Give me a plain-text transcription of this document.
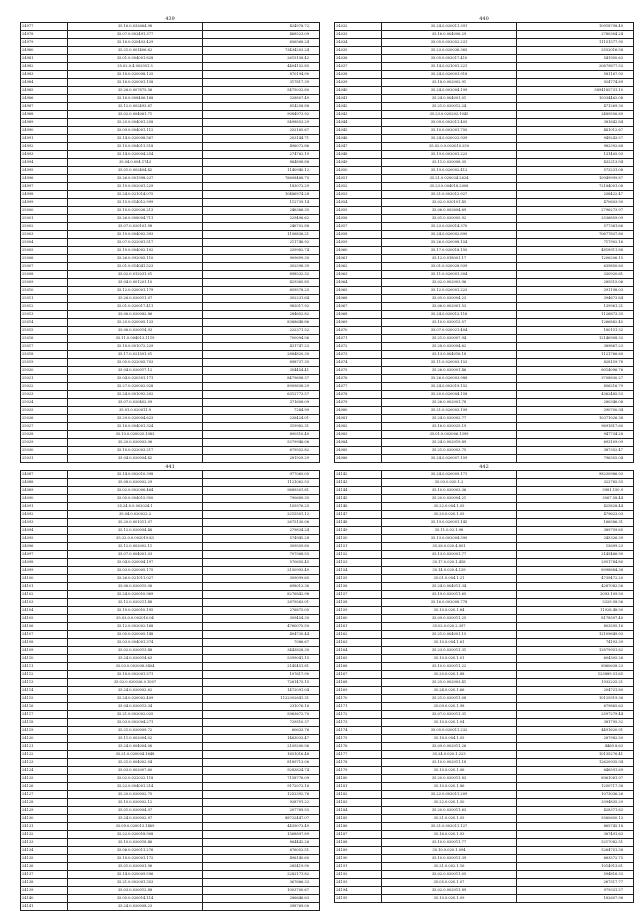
439
24977	35.16.0.032664.98	424978.72
24978	35.07.0.002491.377	468523.09
24979	35.16.0.020403.429	656568.24
24980	35.21.0.001406.62	73434203.24
24981	35.01.0.004001.828	2615158.42
24982	35.02.0.4.002951.3	4404152.85
24983	35.18.0.020008.125	870194.90
24984	35.16.0.020001.158	317817.39
24985	35.26.0.007875.56	5475032.80
24986	35.16.0.008406.168	328807.49
24987	35.12.0.002493.87	814258.88
24988	35.02.0.004061.71	9084973.92
24989	35.25.0.004001.258	5498853.29
24990	35.09.0.004001.112	252165.67
24991	35.14.0.020008.567	203144.71
24992	35.10.0.004011.518	496072.86
24993	35.14.0.020004.254	274762.19
24994	35.04.0.004.1743	884898.88
24995	35.01.0.002404.42	1140940.12
24996	35.26.0.001998.227	78608468.75
24997	35.19.0.002001.229	183072.29
24998	35.24.0.021014.075	10486974.28
24999	35.15.0.014012.999	112739.14
25000	35.10.0.020026.213	246366.35
25001	35.26.0.008004.711	229496.62
25002	35.07.0.020101.98	246702.88
25003	35.19.0.004002.393	1156836.21
25004	35.07.0.022001.517	211746.92
25005	35.19.0.004002.102	259982.74
25006	35.26.0.092005.110	909699.30
25007	35.01.0.014041.523	302598.39
25008	35.02.0.012031.01	898532.32
25009	35.04.0.001201.10	429365.85
25010	35.12.0.020001.179	659578.25
25011	35.26.0.020011.07	302231.64
25012	35.01.0.020017.411	983017.92
25013	35.06.0.020082.86	284652.82
25014	35.25.0.020005.133	8368648.86
25015	35.06.0.020014.93	222371.52
25016	35.11.0.004013.1119	700094.56
25017	35.18.0.001072.229	431747.23
25018	35.17.0.021501.01	2884820.30
25019	35.05.0.022005.703	898737.35
25020	35.04.0.020017.12	354454.41
25021	35.04.0.020301.171	8479696.37
25022	35.27.0.020002.928	8909838.29
25023	35.24.0.001092.202	6312773.57
25024	35.07.0.020402.09	371608.09
25025	35.01.0.020011.9	7284.99
25026	35.29.0.020004.623	226424.01
25027	35.16.0.004001.324	319982.31
25028	35.10.0.020025.1083	890510.40
25029	35.20.0.020003.06	5379946.06
25030	35.10.0.022003.217	679552.82
25031	35.04.0.020004.42	281929.29
440
24032	35.24.0.020011.391	10918798.49
24033	35.16.0.004006.29	2780304.24
24034	35.05.0.002052.231	11151577.95
24035	35.23.0.020036.365	2552016.58
24036	35.05.0.002017.410	541950.63
24037	35.14.0.021001.221	20879877.53
24038	35.24.0.020001.918	581167.93
24039	35.18.0.002002.91	924774.89
24040	35.24.0.002004.199	5894185731.10
24041	35.24.0.004001.01	10334462.08
24042	35.21.0.020012.24	471269.30
24043	35.23.0.020202.1045	2489556.89
24044	35.09.0.002011.405	381642.84
24045	35.10.0.002001.750	481012.67
24046	35.24.0.020022.939	949243.57
24047	35.02.0.0.002010.250	982392.68
24048	35.19.0.002001.223	131405.93
24049	35.11.0.020008.35	432213.94
24050	35.19.0.020002.412	573231.08
24051	35.21.0.020024.2624	10949999.87
24052	35.23.0.004018.2008	72184001.08
24053	35.21.0.002012.927	258422.47
24054	35.02.0.020101.45	470603.90
24055	35.06.0.002604.69	2796273.97
24056	35.01.0.020005.92	2536859.09
24057	35.23.0.020014.370	577361.66
24058	35.24.0.020002.890	70677837.80
24059	35.26.0.020008.154	717902.16
24060	35.17.0.020018.150	4818911.88
24061	35.12.0.018001.17	1206206.15
24062	35.01.0.020028.939	639850.60
24063	35.11.0.020001.304	330920.61
24064	35.02.0.002003.96	285515.06
24065	35.12.0.020001.223	291198.03
24066	35.05.0.020004.23	394673.84
24067	35.06.0.002001.53	139961.21
24068	35.24.0.020012.116	1126873.35
24069	35.10.0.020013.57	1266882.45
24070	35.07.0.020021.404	180151.32
24071	35.21.0.020007.94	12146908.33
24072	35.28.0.020004.62	389867.23
24073	35.13.0.004016.18	1121766.60
24074	35.11.0.020003.153	828159.78
24075	35.26.0.020001.46	6014096.76
24076	35.26.0.020003.988	3708830.27
24077	35.24.0.002019.152	856216.79
24078	35.20.0.020004.158	4362485.53
24079	35.26.0.002001.78	280346.08
24080	35.21.0.020003.199	290700.94
24081	35.24.0.020002.77	10371026.38
24082	35.16.0.020025.19	9691817.60
24083	35.01.0.002006.1399	947734.28
24084	35.24.0.002019.89	693109.09
24085	35.21.0.020003.75	387352.47
24086	35.24.0.020007.159	796355.04
441
24087	35.14.0.002010.398	977065.05
24088	35.08.0.020002.29	1121062.53
24089	35.02.0.002006.464	9689301.81
24090	35.05.0.004015.950	790689.35
24091	35.24.0.0.002024.1	105976.25
24092	35.04.0.020022.2	2215501.12
24093	35.20.0.001011.07	2675130.06
24094	35.12.0.020054.46	279834.24
24095	35.22.0.0.002019.83	574945.28
24096	35.12.0.002002.11	309559.80
24097	35.07.0.004001.03	707568.55
24098	35.04.0.020004.197	570655.45
24099	35.03.0.020005.175	2150993.49
24100	35.26.0.021011.027	309099.65
24101	35.06.0.020015.06	698012.36
24102	35.24.0.020010.969	8276842.98
24103	35.12.0.020211.48	2879563.01
24104	35.19.0.020010.195	276875.05
24105	35.03.0.0.002010.04	309454.30
24106	35.12.0.002002.168	4760075.50
24107	35.05.0.020005.148	404730.44
24108	35.03.0.004001.374	7086.67
24109	35.02.0.020013.48	3443828.30
24110	35.24.0.020014.63	5399041.15
24111	35.03.0.002008.3404	2145451.81
24112	35.18.0.002001.571	107617.90
24113	35.02.0.020026.0.1007	7261475.15
24114	35.24.0.020002.62	1472091.04
24115	35.24.0.020002.409	1122302641.31
24116	35.04.0.020013.34	231076.16
24117	35.21.0.002002.025	5963672.70
24118	35.03.0.002004.271	729510.37
24119	35.21.0.020009.72	60633.76
24120	35.11.0.002004.02	1463033.47
24121	35.24.0.004004.06	2109200.56
24122	35.21.0.020004.1648	1651016.48
24123	35.21.0.004002.04	8189713.06
24124	35.03.0.002007.60	9283824.74
24125	35.02.0.022022.118	7158776.09
24126	35.22.0.004001.214	9172072.16
24127	35.20.0.020002.75	1252392.76
24128	35.10.0.020002.12	928791.22
24129	35.01.0.020004.07	207789.55
24130	35.24.0.020002.97	88722447.07
24131	35.09.0.020013.1469	4439073.49
24132	35.22.0.020018.908	1568897.89
24133	35.10.0.020018.46	864442.26
24134	35.06.0.020011.276	676052.51
24135	35.18.0.020001.172	496140.60
24136	35.01.0.020001.96	285419.90
24137	35.14.0.020009.596	2282171.82
24138	35.21.0.002001.353	367666.33
24139	35.03.0.020012.88	1003700.67
24140	35.05.0.020014.114	286646.63
24141	35.24.0.020008.23	398769.00
442
24142	35.24.0.020009.171	98230986.93
24143	35.03.0.020.1.2	322785.55
24144	35.10.0.020003.36	3981.150.9
24145	35.20.0.020004.21	3567.58.44
24146	35.22.0.004.1.05	425828.44
24147	35.20.0.020.1.05	479623.03
24148	35.19.0.020001.145	166586.31
24149	35.11.0.02.1.98	389759.65
24150	35.13.0.002004.390	245326.39
24151	35.28.0.020.4.851	15699.23
24152	35.13.0.020001.77	2145466.90
24153	35.17.0.020.1.458	2951784.80
24154	35.14.0.020.4.139	8998884.38
24155	35.01.0.004.1.21	4739472.20
24156	35.24.0.004011.34	4287082.56
24157	35.19.0.020011.65	2093.109.50
24158	35.16.0.002008.778	5329.58.56
24159	35.10.0.020.1.84	11928.48.90
24160	35.09.0.020011.25	8178597.40
24161	35.02.0.020.2.397	803595.16
24162	35.21.0.004001.15	12109649.93
24163	35.10.0.004.1.61	74193.39
24164	35.23.0.020011.31	12879951.82
24165	35.10.0.020.1.01	604305.26
24166	35.10.0.020011.22	8960638.23
24167	35.20.0.020.1.88	123889.51.65
24168	35.25.0.002003.41	1932225.21
24169	35.24.0.020.1.66	204731.80
24170	35.21.0.020011.08	10125919.36
24171	35.09.0.020.1.98	679865.63
24172	35.07.0.020011.31	2597279.44
24173	35.10.0.020.1.04	381795.32
24174	35.05.0.020011.232	4491620.91
24175	35.18.0.004.1.05	287982.50
24176	35.09.0.002011.26	4469.8.63
24177	35.24.0.020.1.223	10135276.41
24178	35.10.0.002011.18	12620935.94
24179	35.10.0.020.1.06	646591.69
24180	35.20.0.020011.83	8961081.97
24181	35.10.0.020.1.86	1250717.38
24182	35.22.0.002011.209	1073036.26
24183	35.22.0.020.1.50	3394835.29
24184	35.20.0.020011.63	428371.83
24185	35.21.0.020.1.05	5560650.13
24186	35.21.0.002011.127	865745.18
24187	35.16.0.020.1.93	367491.63
24188	35.10.0.020011.77	5217082.51
24189	35.10.0.020.1.094	5264751.58
24190	35.10.0.020011.39	683572.75
24191	35.21.0.002.1.16	1014913.61
24192	35.02.0.020011.05	594816.33
24193	35.05.0.020.1.07	267517.77
24194	35.02.0.002011.89	979331.57
24195	35.10.0.020.1.09	182607.96
